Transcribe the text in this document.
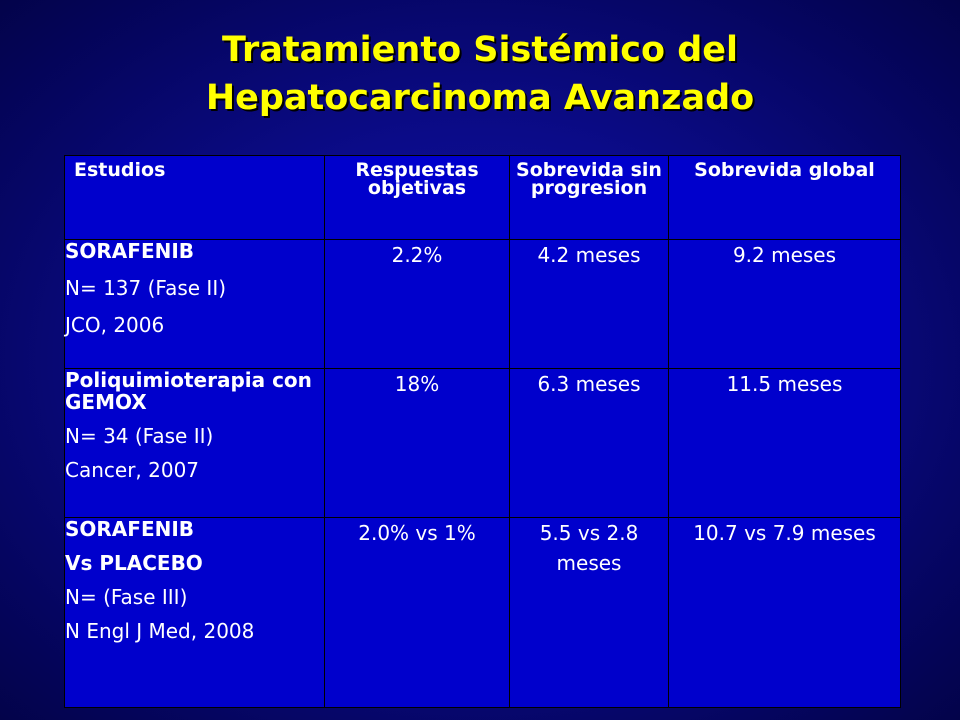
Tratamiento Sistémico del
Hepatocarcinoma Avanzado
Estudios	Respuestas objetivas	Sobrevida sin progresion	Sobrevida global

SORAFENIB
N= 137 (Fase II)
JCO, 2006	2.2%	4.2 meses	9.2 meses

Poliquimioterapia con GEMOX
N= 34 (Fase II)
Cancer, 2007	18%	6.3 meses	11.5 meses

SORAFENIB
Vs PLACEBO
N= (Fase III)
N Engl J Med, 2008	2.0% vs 1%	5.5 vs 2.8 meses	10.7 vs 7.9 meses
